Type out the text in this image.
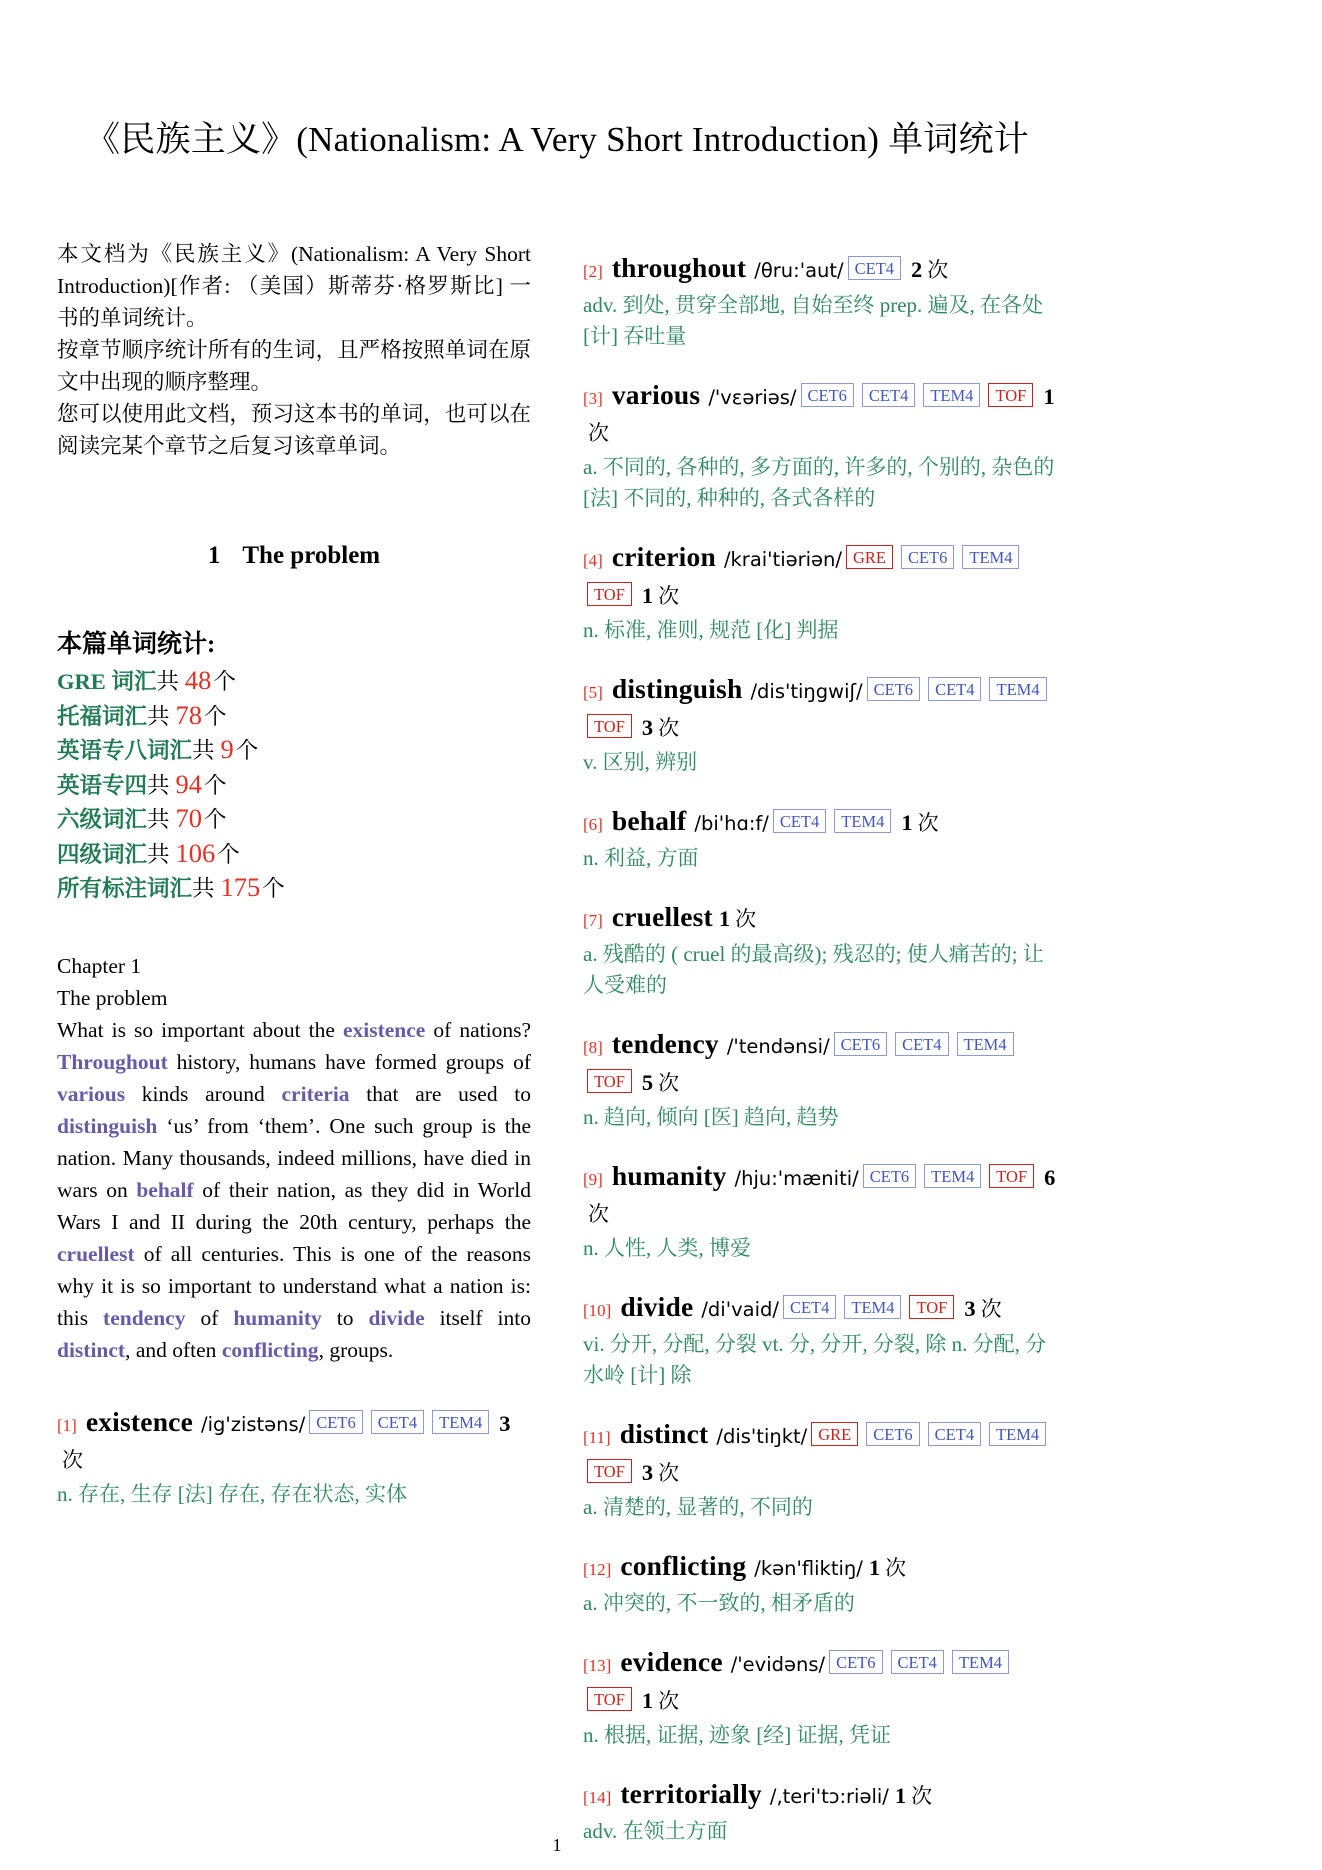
《民族主义》(Nationalism: A Very Short Introduction) 单词统计

本文档为《民族主义》(Nationalism: A Very Short Introduction)[作者: （美国）斯蒂芬·格罗斯比] 一书的单词统计。

按章节顺序统计所有的生词，且严格按照单词在原文中出现的顺序整理。

您可以使用此文档，预习这本书的单词，也可以在阅读完某个章节之后复习该章单词。

1 The problem
本篇单词统计:
GRE 词汇共 48个
托福词汇共 78个
英语专八词汇共 9个
英语专四共 94个
六级词汇共 70个
四级词汇共 106个
所有标注词汇共 175个

Chapter 1

The problem

What is so important about the existence of nations? Throughout history, humans have formed groups of various kinds around criteria that are used to distinguish ‘us’ from ‘them’. One such group is the nation. Many thousands, indeed millions, have died in wars on behalf of their nation, as they did in World Wars I and II during the 20th century, perhaps the cruellest of all centuries. This is one of the reasons why it is so important to understand what a nation is: this tendency of humanity to divide itself into distinct, and often conflicting, groups.

[1] existence /ig'zistəns/ CET6 CET4 TEM4 3次
n. 存在, 生存 [法] 存在, 存在状态, 实体
[2] throughout /θru:'aut/ CET4 2 次
adv. 到处, 贯穿全部地, 自始至终 prep. 遍及, 在各处 [计] 吞吐量
[3] various /'vεəriəs/ CET6 CET4 TEM4 TOF 1次
a. 不同的, 各种的, 多方面的, 许多的, 个别的, 杂色的 [法] 不同的, 种种的, 各式各样的
[4] criterion /krai'tiəriən/ GRE CET6 TEM4TOF 1 次
n. 标准, 准则, 规范 [化] 判据
[5] distinguish /dis'tiŋgwiʃ/ CET6 CET4 TEM4TOF 3 次
v. 区别, 辨别
[6] behalf /bi'hɑ:f/ CET4 TEM4 1 次
n. 利益, 方面
[7] cruellest 1 次
a. 残酷的 ( cruel 的最高级); 残忍的; 使人痛苦的; 让人受难的
[8] tendency /'tendənsi/ CET6 CET4 TEM4TOF 5 次
n. 趋向, 倾向 [医] 趋向, 趋势
[9] humanity /hju:'mæniti/ CET6 TEM4 TOF 6次
n. 人性, 人类, 博爱
[10] divide /di'vaid/ CET4 TEM4 TOF 3 次
vi. 分开, 分配, 分裂 vt. 分, 分开, 分裂, 除 n. 分配, 分水岭 [计] 除
[11] distinct /dis'tiŋkt/ GRE CET6 CET4 TEM4TOF 3 次
a. 清楚的, 显著的, 不同的
[12] conflicting /kən'fliktiŋ/ 1 次
a. 冲突的, 不一致的, 相矛盾的
[13] evidence /'evidəns/ CET6 CET4 TEM4TOF 1 次
n. 根据, 证据, 迹象 [经] 证据, 凭证
[14] territorially /,teri'tɔ:riəli/ 1 次
adv. 在领土方面
1
